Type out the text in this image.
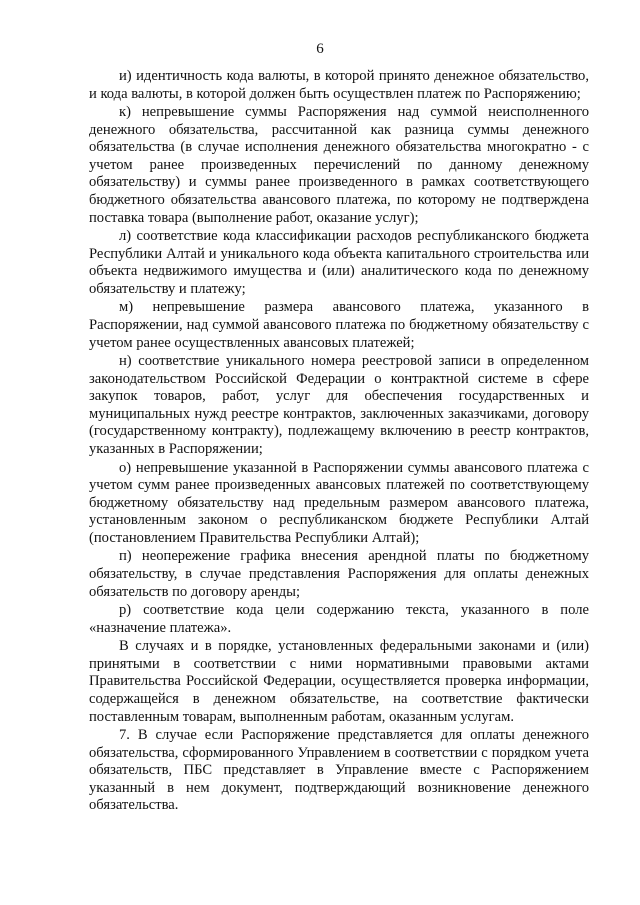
6

и) идентичность кода валюты, в которой принято денежное обязательство, и кода валюты, в которой должен быть осуществлен платеж по Распоряжению;

к) непревышение суммы Распоряжения над суммой неисполненного денежного обязательства, рассчитанной как разница суммы денежного обязательства (в случае исполнения денежного обязательства многократно - с учетом ранее произведенных перечислений по данному денежному обязательству) и суммы ранее произведенного в рамках соответствующего бюджетного обязательства авансового платежа, по которому не подтверждена поставка товара (выполнение работ, оказание услуг);

л) соответствие кода классификации расходов республиканского бюджета Республики Алтай и уникального кода объекта капитального строительства или объекта недвижимого имущества и (или) аналитического кода по денежному обязательству и платежу;

м) непревышение размера авансового платежа, указанного в Распоряжении, над суммой авансового платежа по бюджетному обязательству с учетом ранее осуществленных авансовых платежей;

н) соответствие уникального номера реестровой записи в определенном законодательством Российской Федерации о контрактной системе в сфере закупок товаров, работ, услуг для обеспечения государственных и муниципальных нужд реестре контрактов, заключенных заказчиками, договору (государственному контракту), подлежащему включению в реестр контрактов, указанных в Распоряжении;

о) непревышение указанной в Распоряжении суммы авансового платежа с учетом сумм ранее произведенных авансовых платежей по соответствующему бюджетному обязательству над предельным размером авансового платежа, установленным законом о республиканском бюджете Республики Алтай (постановлением Правительства Республики Алтай);

п) неопережение графика внесения арендной платы по бюджетному обязательству, в случае представления Распоряжения для оплаты денежных обязательств по договору аренды;

р) соответствие кода цели содержанию текста, указанного в поле «назначение платежа».

В случаях и в порядке, установленных федеральными законами и (или) принятыми в соответствии с ними нормативными правовыми актами Правительства Российской Федерации, осуществляется проверка информации, содержащейся в денежном обязательстве, на соответствие фактически поставленным товарам, выполненным работам, оказанным услугам.

7. В случае если Распоряжение представляется для оплаты денежного обязательства, сформированного Управлением в соответствии с порядком учета обязательств, ПБС представляет в Управление вместе с Распоряжением указанный в нем документ, подтверждающий возникновение денежного обязательства.
